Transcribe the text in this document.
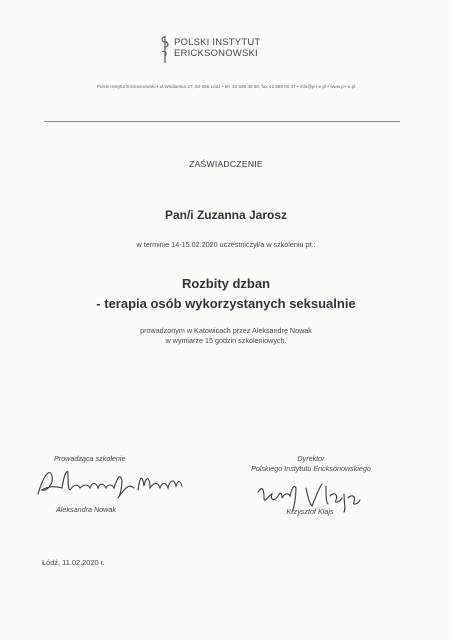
POLSKI INSTYTUT
ERICKSONOWSKI
Polski Instytut Ericksonowski • ul.Wodiarska 27, 94-056 Łódź • tel. 42 689 48 60, fax 42 689 00 47 • info@p-i-e.pl • www.p-i-e.pl
ZAŚWIADCZENIE
Pan/i Zuzanna Jarosz
w terminie 14-15.02.2020 uczestniczył/a w szkoleniu pt.:
Rozbity dzban
- terapia osób wykorzystanych seksualnie
prowadzonym w Katowicach przez Aleksandrę Nowak
w wymiarze 15 godzin szkoleniowych.
Prowadząca szkolenie
Aleksandra Nowak
Dyrektor
Polskiego Instytutu Ericksonowskiego
Krzysztof Klajs
Łódź, 11.02.2020 r.
